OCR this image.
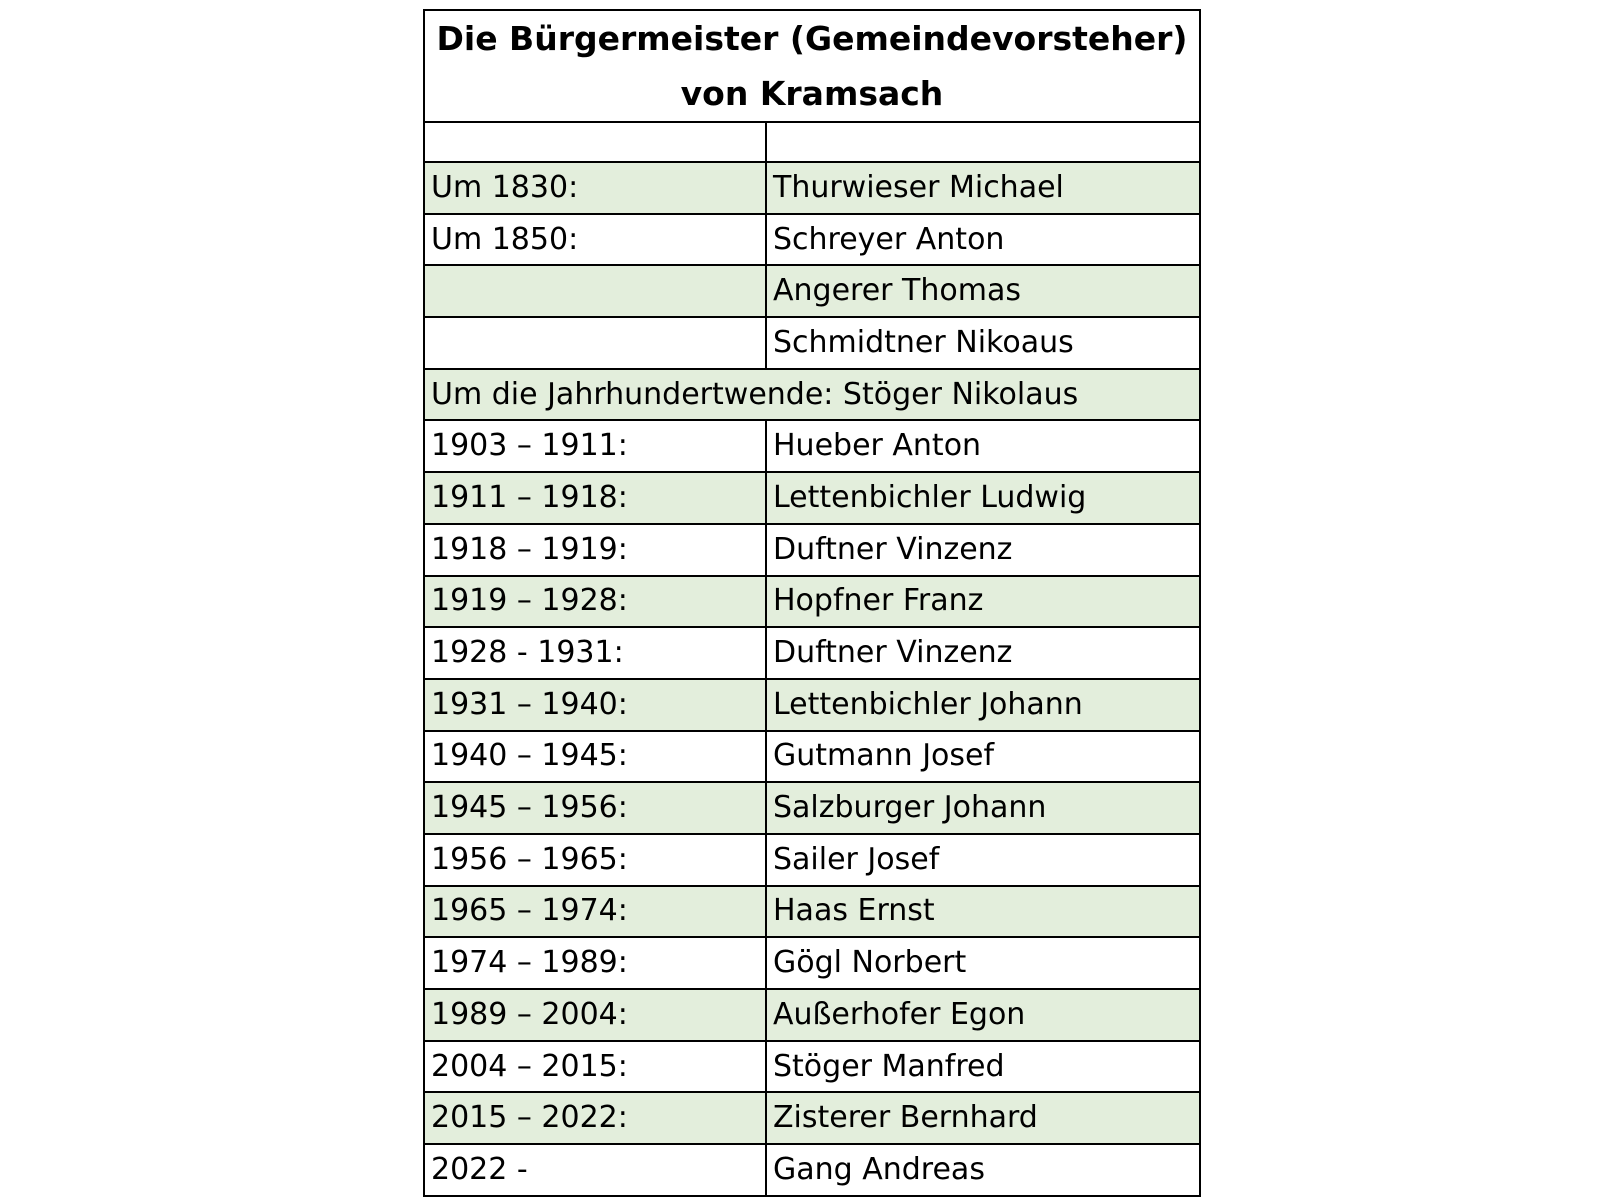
Die Bürgermeister (Gemeindevorsteher)
von Kramsach	

Um 1830:	Thurwieser Michael
Um 1850:	Schreyer Anton
	Angerer Thomas
	Schmidtner Nikoaus
Um die Jahrhundertwende: Stöger Nikolaus	
1903 – 1911:	Hueber Anton
1911 – 1918:	Lettenbichler Ludwig
1918 – 1919:	Duftner Vinzenz
1919 – 1928:	Hopfner Franz
1928 - 1931:	Duftner Vinzenz
1931 – 1940:	Lettenbichler Johann
1940 – 1945:	Gutmann Josef
1945 – 1956:	Salzburger Johann
1956 – 1965:	Sailer Josef
1965 – 1974:	Haas Ernst
1974 – 1989:	Gögl Norbert
1989 – 2004:	Außerhofer Egon
2004 – 2015:	Stöger Manfred
2015 – 2022:	Zisterer Bernhard
2022 -	Gang Andreas
